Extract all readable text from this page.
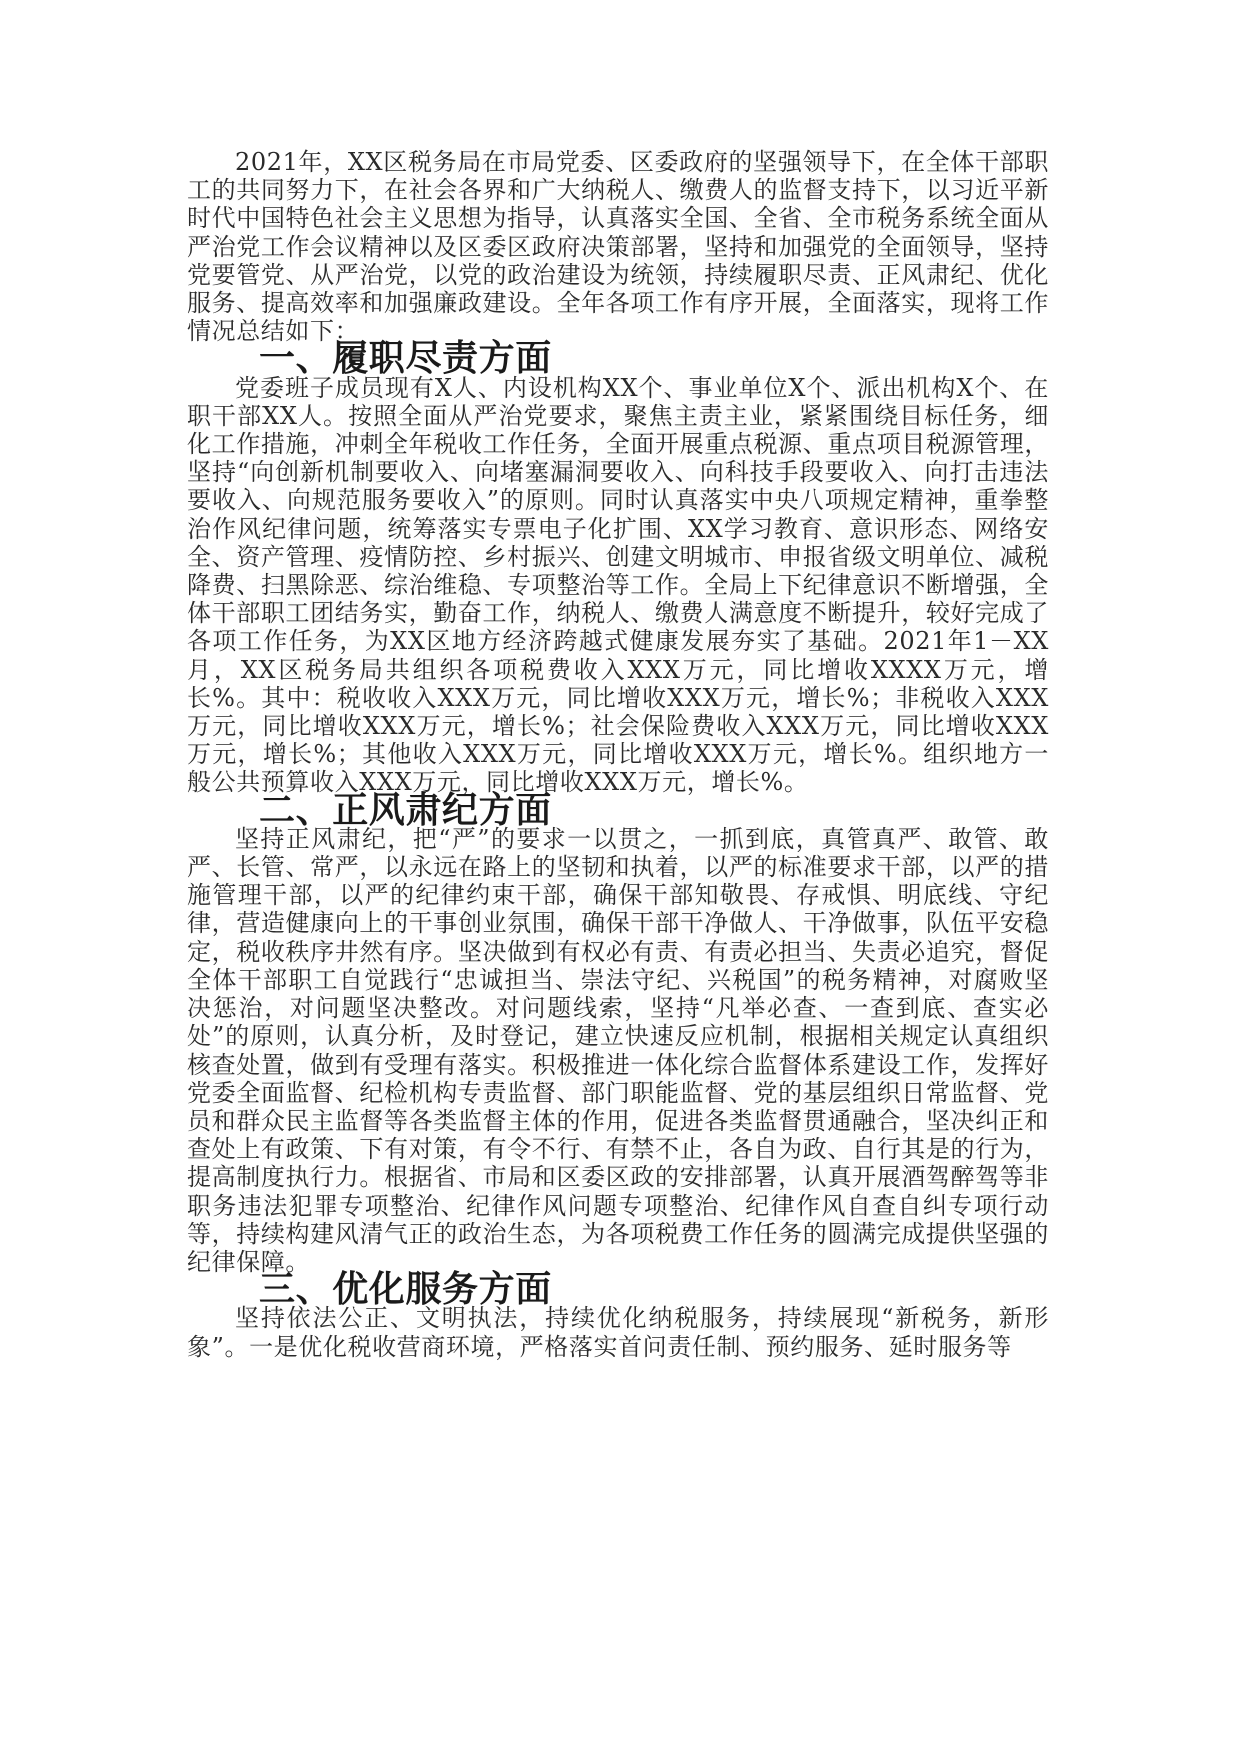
2021年，XX区税务局在市局党委、区委政府的坚强领导下，在全体干部职工的共同努力下，在社会各界和广大纳税人、缴费人的监督支持下，以习近平新时代中国特色社会主义思想为指导，认真落实全国、全省、全市税务系统全面从严治党工作会议精神以及区委区政府决策部署，坚持和加强党的全面领导，坚持党要管党、从严治党，以党的政治建设为统领，持续履职尽责、正风肃纪、优化服务、提高效率和加强廉政建设。全年各项工作有序开展，全面落实，现将工作情况总结如下：

一、履职尽责方面

党委班子成员现有X人、内设机构XX个、事业单位X个、派出机构X个、在职干部XX人。按照全面从严治党要求，聚焦主责主业，紧紧围绕目标任务，细化工作措施，冲刺全年税收工作任务，全面开展重点税源、重点项目税源管理，坚持“向创新机制要收入、向堵塞漏洞要收入、向科技手段要收入、向打击违法要收入、向规范服务要收入”的原则。同时认真落实中央八项规定精神，重拳整治作风纪律问题，统筹落实专票电子化扩围、XX学习教育、意识形态、网络安全、资产管理、疫情防控、乡村振兴、创建文明城市、申报省级文明单位、减税降费、扫黑除恶、综治维稳、专项整治等工作。全局上下纪律意识不断增强，全体干部职工团结务实，勤奋工作，纳税人、缴费人满意度不断提升，较好完成了各项工作任务，为XX区地方经济跨越式健康发展夯实了基础。2021年1－XX月，XX区税务局共组织各项税费收入XXX万元，同比增收XXXX万元，增长%。其中：税收收入XXX万元，同比增收XXX万元，增长%；非税收入XXX万元，同比增收XXX万元，增长%；社会保险费收入XXX万元，同比增收XXX万元，增长%；其他收入XXX万元，同比增收XXX万元，增长%。组织地方一般公共预算收入XXX万元，同比增收XXX万元，增长%。

二、正风肃纪方面

坚持正风肃纪，把“严”的要求一以贯之，一抓到底，真管真严、敢管、敢严、长管、常严，以永远在路上的坚韧和执着，以严的标准要求干部，以严的措施管理干部，以严的纪律约束干部，确保干部知敬畏、存戒惧、明底线、守纪律，营造健康向上的干事创业氛围，确保干部干净做人、干净做事，队伍平安稳定，税收秩序井然有序。坚决做到有权必有责、有责必担当、失责必追究，督促全体干部职工自觉践行“忠诚担当、崇法守纪、兴税国”的税务精神，对腐败坚决惩治，对问题坚决整改。对问题线索，坚持“凡举必查、一查到底、查实必处”的原则，认真分析，及时登记，建立快速反应机制，根据相关规定认真组织核查处置，做到有受理有落实。积极推进一体化综合监督体系建设工作，发挥好党委全面监督、纪检机构专责监督、部门职能监督、党的基层组织日常监督、党员和群众民主监督等各类监督主体的作用，促进各类监督贯通融合，坚决纠正和查处上有政策、下有对策，有令不行、有禁不止，各自为政、自行其是的行为，提高制度执行力。根据省、市局和区委区政的安排部署，认真开展酒驾醉驾等非职务违法犯罪专项整治、纪律作风问题专项整治、纪律作风自查自纠专项行动等，持续构建风清气正的政治生态，为各项税费工作任务的圆满完成提供坚强的纪律保障。

三、优化服务方面

坚持依法公正、文明执法，持续优化纳税服务，持续展现“新税务，新形象”。一是优化税收营商环境，严格落实首问责任制、预约服务、延时服务等
